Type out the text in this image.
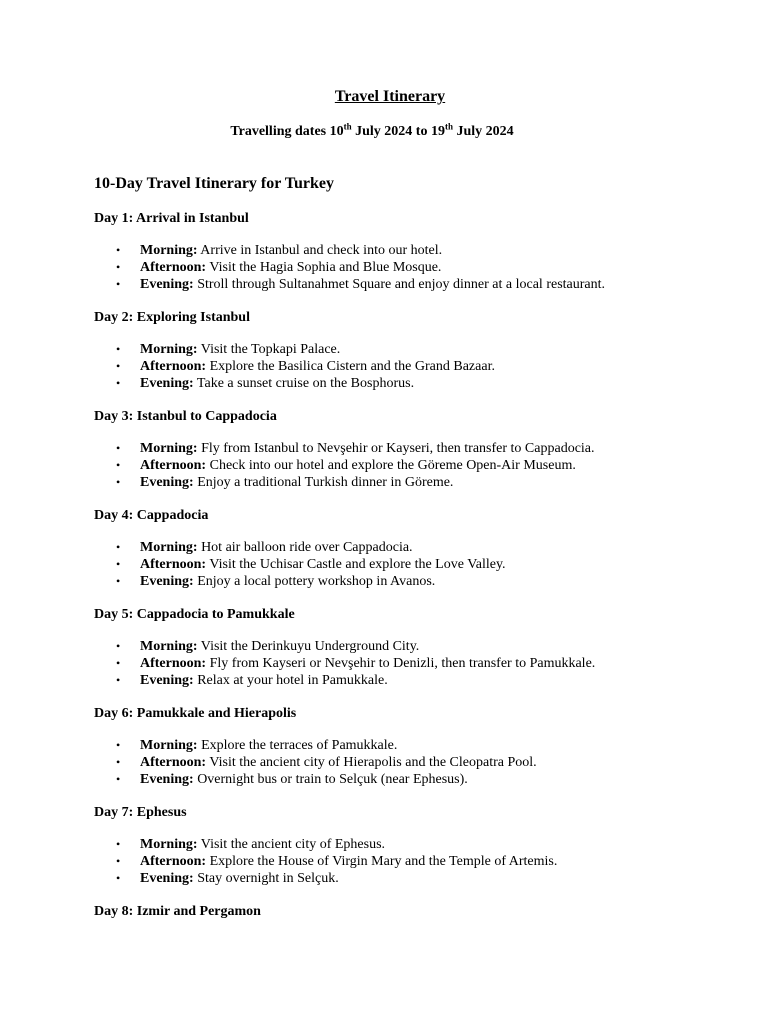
Travel Itinerary
Travelling dates 10th July 2024 to 19th July 2024
10-Day Travel Itinerary for Turkey
Day 1: Arrival in Istanbul
• Morning: Arrive in Istanbul and check into our hotel.
• Afternoon: Visit the Hagia Sophia and Blue Mosque.
• Evening: Stroll through Sultanahmet Square and enjoy dinner at a local restaurant.
Day 2: Exploring Istanbul
• Morning: Visit the Topkapi Palace.
• Afternoon: Explore the Basilica Cistern and the Grand Bazaar.
• Evening: Take a sunset cruise on the Bosphorus.
Day 3: Istanbul to Cappadocia
• Morning: Fly from Istanbul to Nevşehir or Kayseri, then transfer to Cappadocia.
• Afternoon: Check into our hotel and explore the Göreme Open-Air Museum.
• Evening: Enjoy a traditional Turkish dinner in Göreme.
Day 4: Cappadocia
• Morning: Hot air balloon ride over Cappadocia.
• Afternoon: Visit the Uchisar Castle and explore the Love Valley.
• Evening: Enjoy a local pottery workshop in Avanos.
Day 5: Cappadocia to Pamukkale
• Morning: Visit the Derinkuyu Underground City.
• Afternoon: Fly from Kayseri or Nevşehir to Denizli, then transfer to Pamukkale.
• Evening: Relax at your hotel in Pamukkale.
Day 6: Pamukkale and Hierapolis
• Morning: Explore the terraces of Pamukkale.
• Afternoon: Visit the ancient city of Hierapolis and the Cleopatra Pool.
• Evening: Overnight bus or train to Selçuk (near Ephesus).
Day 7: Ephesus
• Morning: Visit the ancient city of Ephesus.
• Afternoon: Explore the House of Virgin Mary and the Temple of Artemis.
• Evening: Stay overnight in Selçuk.
Day 8: Izmir and Pergamon
